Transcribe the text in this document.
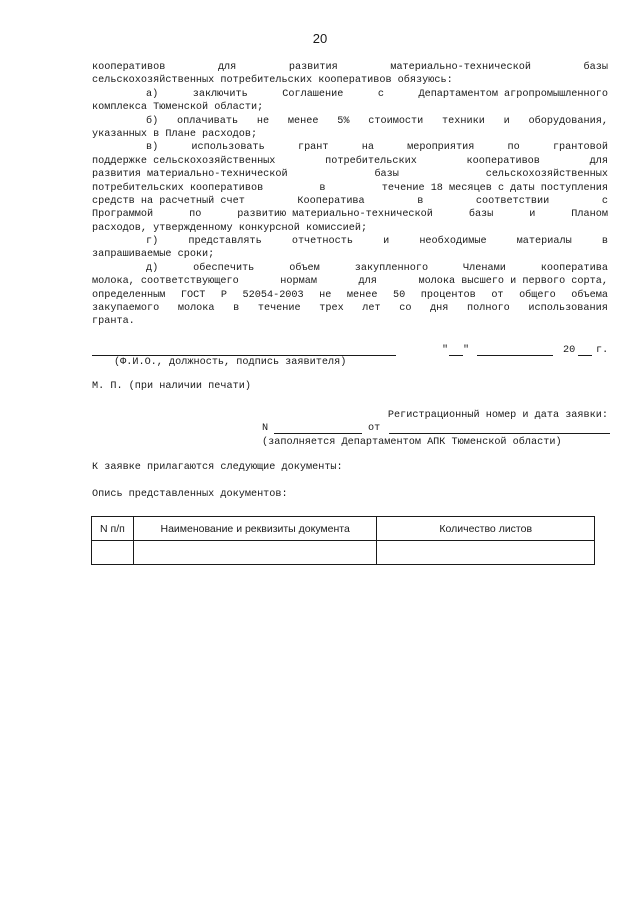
20
кооперативов	для	развития	материально-технической	базы
сельскохозяйственных потребительских кооперативов обязуюсь:
а)	заключить	Соглашение	с	Департаментом агропромышленного
комплекса Тюменской области;
б) оплачивать не менее 5% стоимости техники и оборудования,
указанных в Плане расходов;
в)	использовать	грант	на	мероприятия	по	грантовой
поддержке сельскохозяйственных	потребительских	кооперативов	для
развития материально-технической	базы	сельскохозяйственных
потребительских кооперативов	в	течение 18 месяцев с даты поступления
средств на расчетный счет	Кооператива	в	соответствии	с
Программой	по	развитию материально-технической	базы	и	Планом
расходов, утвержденному конкурсной комиссией;
г)	представлять	отчетность	и	необходимые	материалы	в
запрашиваемые сроки;
д)	обеспечить	объем	закупленного	Членами	кооператива
молока, соответствующего	нормам	для	молока высшего и первого сорта,
определенным ГОСТ Р 52054-2003 не менее 50 процентов от общего объема
закупаемого молока в течение трех лет со дня полного использования
гранта.
(Ф.И.О., должность, подпись заявителя)
" "	20 г.
М. П. (при наличии печати)
Регистрационный номер и дата заявки:
N	от
(заполняется Департаментом АПК Тюменской области)
К заявке прилагаются следующие документы:
Опись представленных документов:
N п/п	Наименование и реквизиты документа	Количество листов
